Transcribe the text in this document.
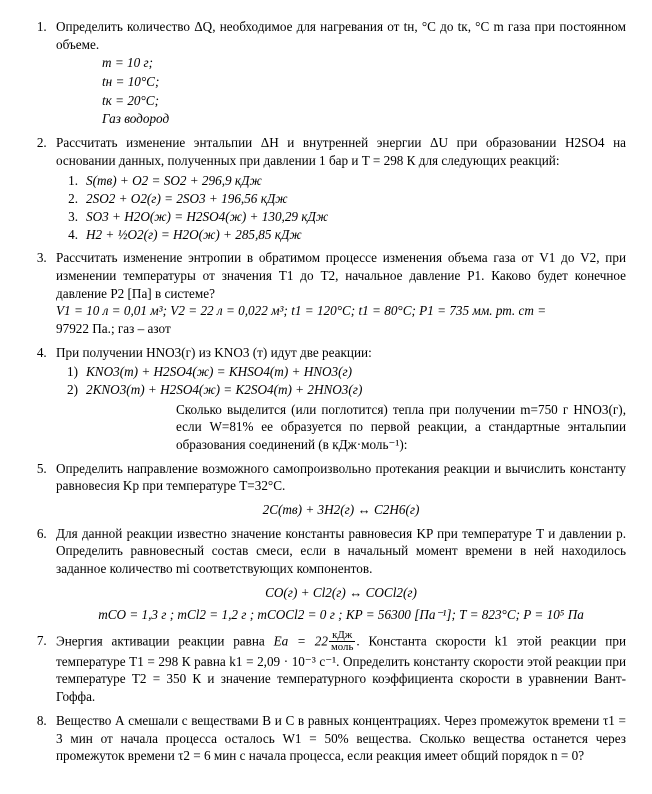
1. Определить количество ΔQ, необходимое для нагревания от tн, °С до tк, °С m газа при постоянном объеме.
m = 10 г;
tн = 10°C;
tк = 20°C;
Газ водород
2. Рассчитать изменение энтальпии ΔH и внутренней энергии ΔU при образовании H2SO4 на основании данных, полученных при давлении 1 бар и T = 298 К для следующих реакций:
1. S(тв) + O2 = SO2 + 296,9 кДж
2. 2SO2 + O2(г) = 2SO3 + 196,56 кДж
3. SO3 + H2O(ж) = H2SO4(ж) + 130,29 кДж
4. H2 + ½O2(г) = H2O(ж) + 285,85 кДж
3. Рассчитать изменение энтропии в обратимом процессе изменения объема газа от V1 до V2, при изменении температуры от значения T1 до T2, начальное давление P1. Каково будет конечное давление P2 [Па] в системе?
V1 = 10 л = 0,01 м³; V2 = 22 л = 0,022 м³; t1 = 120°C; t1 = 80°C; P1 = 735 мм. рт. ст =
97922 Па.; газ – азот
4. При получении HNO3(г) из KNO3 (т) идут две реакции:
1) KNO3(т) + H2SO4(ж) = KHSO4(т) + HNO3(г)
2) 2KNO3(т) + H2SO4(ж) = K2SO4(т) + 2HNO3(г)
Сколько выделится (или поглотится) тепла при получении m=750 г HNO3(г), если W=81% ее образуется по первой реакции, а стандартные энтальпии образования соединений (в кДж·моль⁻¹):
5. Определить направление возможного самопроизвольно протекания реакции и вычислить константу равновесия Kр при температуре T=32°C.
2C(тв) + 3H2(г) ↔ C2H6(г)
6. Для данной реакции известно значение константы равновесия KP при температуре T и давлении p. Определить равновесный состав смеси, если в начальный момент времени в ней находилось заданное количество mi соответствующих компонентов.
CO(г) + Cl2(г) ↔ COCl2(г)
mCO = 1,3 г ; mCl2 = 1,2 г ; mCOCl2 = 0 г ; KP = 56300 [Па⁻¹]; T = 823°C; P = 10⁵ Па
7. Энергия активации реакции равна $Ea = 22 \frac{\text{кДж}}{\text{моль}}$ . Константа скорости k1 этой реакции при температуре T1 = 298 К равна k1 = 2,09 · 10⁻³ с⁻¹. Определить константу скорости этой реакции при температуре T2 = 350 К и значение температурного коэффициента скорости в уравнении Вант-Гоффа.
8. Вещество А смешали с веществами В и С в равных концентрациях. Через промежуток времени τ1 = 3 мин от начала процесса осталось W1 = 50% вещества. Сколько вещества останется через промежуток времени τ2 = 6 мин с начала процесса, если реакция имеет общий порядок n = 0?
